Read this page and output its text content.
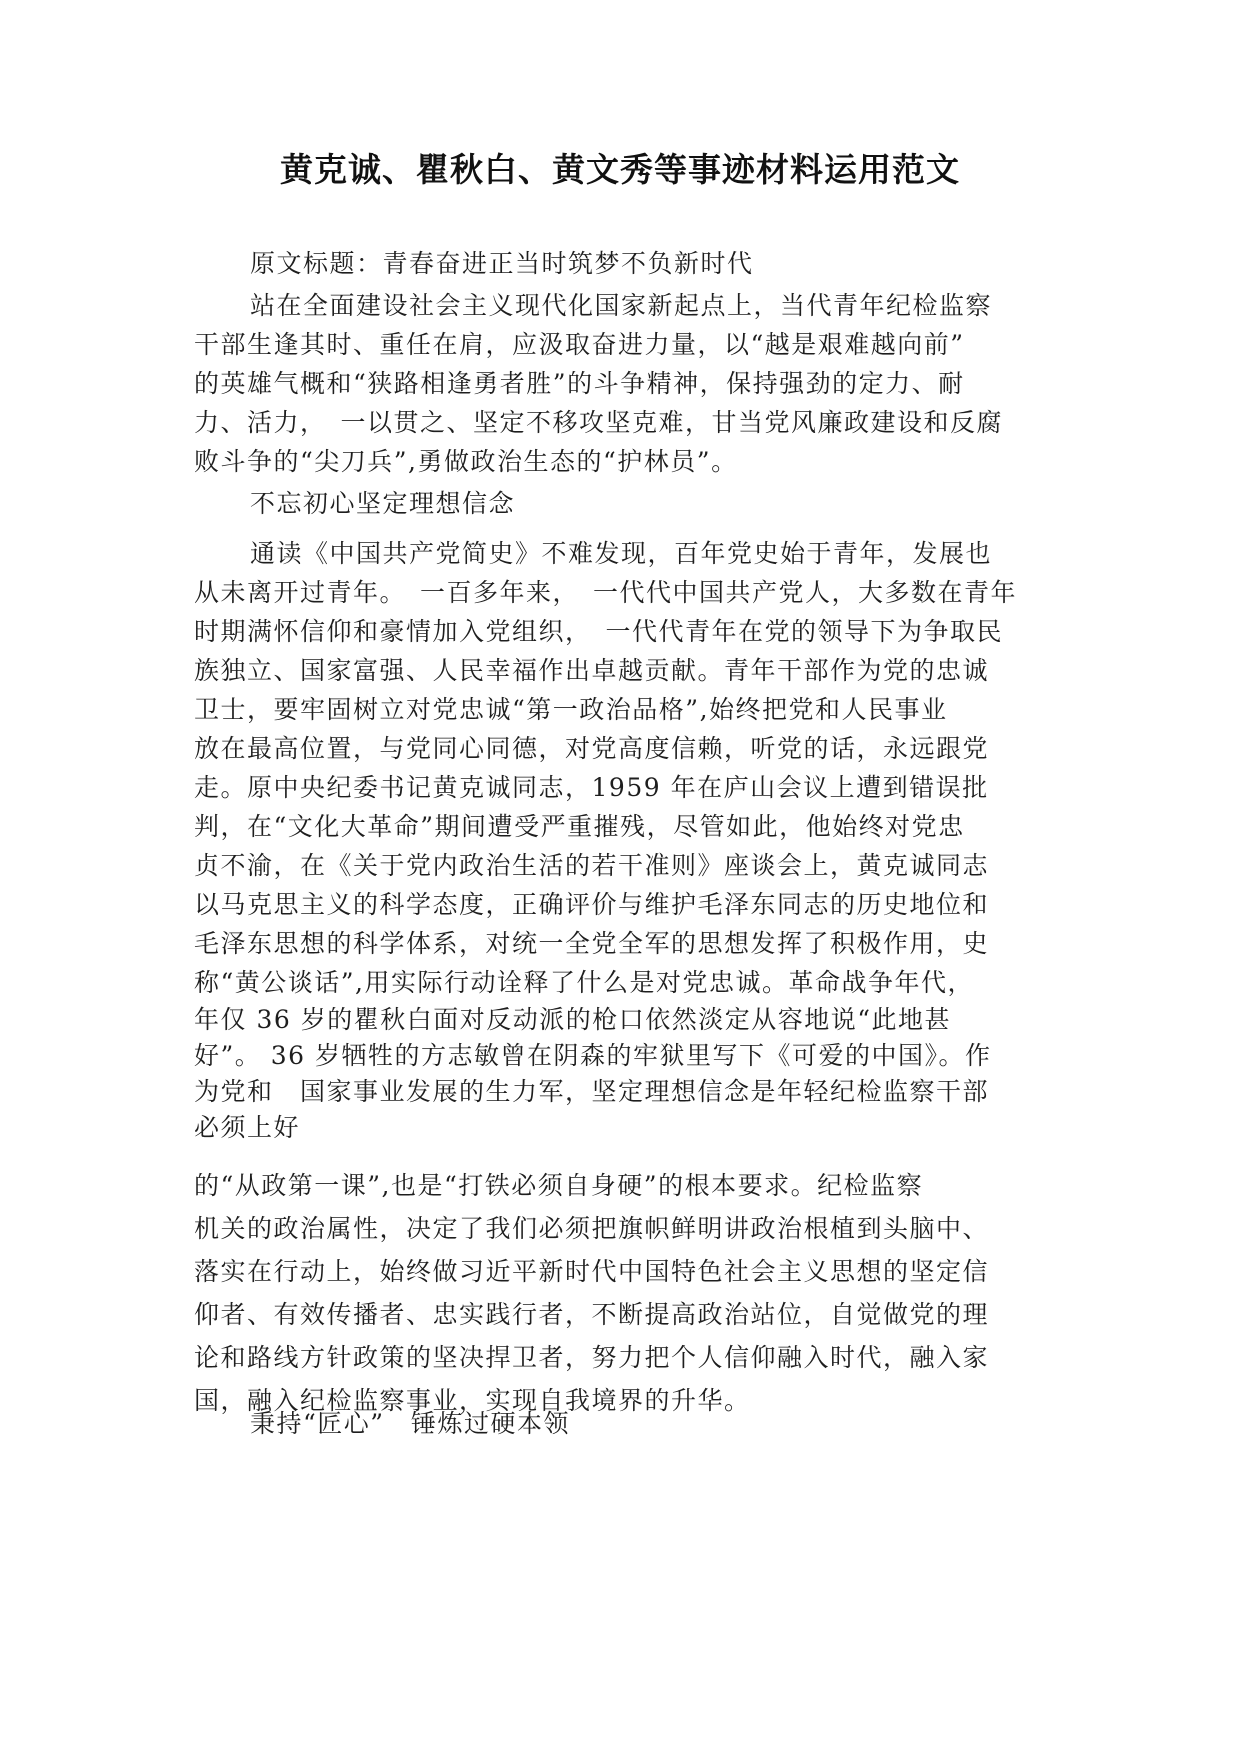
黄克诚、瞿秋白、黄文秀等事迹材料运用范文
原文标题：青春奋进正当时筑梦不负新时代
站在全面建设社会主义现代化国家新起点上，当代青年纪检监察
干部生逢其时、重任在肩，应汲取奋进力量，以“越是艰难越向前”
的英雄气概和“狭路相逢勇者胜”的斗争精神，保持强劲的定力、耐
力、活力，　一以贯之、坚定不移攻坚克难，甘当党风廉政建设和反腐
败斗争的“尖刀兵”,勇做政治生态的“护林员”。
不忘初心坚定理想信念
通读《中国共产党简史》不难发现，百年党史始于青年，发展也
从未离开过青年。　一百多年来，　一代代中国共产党人，大多数在青年
时期满怀信仰和豪情加入党组织，　一代代青年在党的领导下为争取民
族独立、国家富强、人民幸福作出卓越贡献。青年干部作为党的忠诚
卫士，要牢固树立对党忠诚“第一政治品格”,始终把党和人民事业
放在最高位置，与党同心同德，对党高度信赖，听党的话，永远跟党
走。原中央纪委书记黄克诚同志，1959 年在庐山会议上遭到错误批
判，在“文化大革命”期间遭受严重摧残，尽管如此，他始终对党忠
贞不渝，在《关于党内政治生活的若干准则》座谈会上，黄克诚同志
以马克思主义的科学态度，正确评价与维护毛泽东同志的历史地位和
毛泽东思想的科学体系，对统一全党全军的思想发挥了积极作用，史
称“黄公谈话”,用实际行动诠释了什么是对党忠诚。革命战争年代，
年仅 36 岁的瞿秋白面对反动派的枪口依然淡定从容地说“此地甚
好”。 36 岁牺牲的方志敏曾在阴森的牢狱里写下《可爱的中国》。作
为党和　国家事业发展的生力军，坚定理想信念是年轻纪检监察干部
必须上好
的“从政第一课”,也是“打铁必须自身硬”的根本要求。纪检监察
机关的政治属性，决定了我们必须把旗帜鲜明讲政治根植到头脑中、
落实在行动上，始终做习近平新时代中国特色社会主义思想的坚定信
仰者、有效传播者、忠实践行者，不断提高政治站位，自觉做党的理
论和路线方针政策的坚决捍卫者，努力把个人信仰融入时代，融入家
国，融入纪检监察事业，实现自我境界的升华。
秉持“匠心”　锤炼过硬本领
